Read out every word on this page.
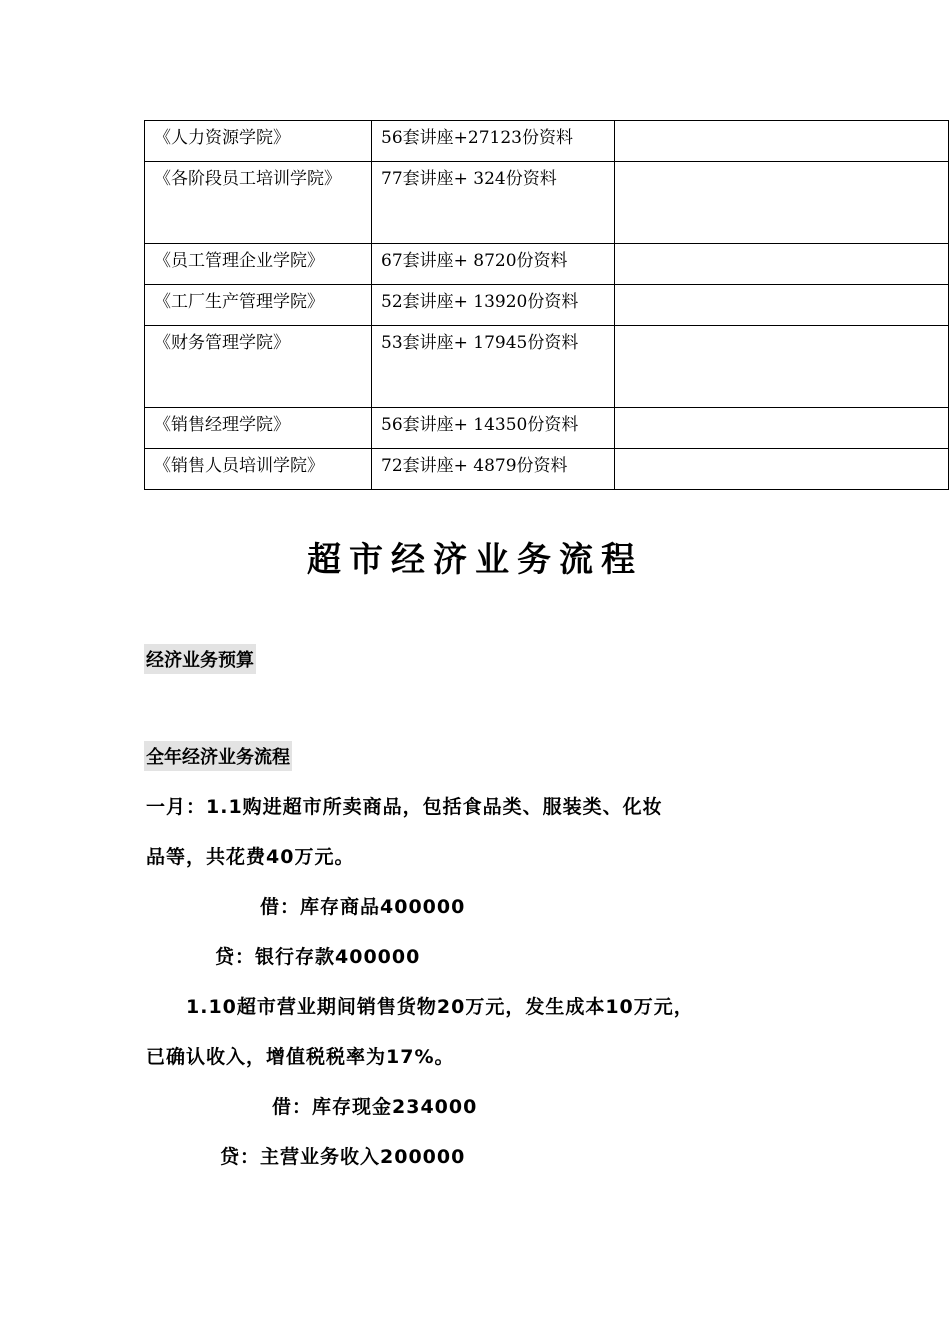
《人力资源学院》	56套讲座+27123份资料	

《各阶段员工培训学院》	77套讲座+ 324份资料	

《员工管理企业学院》	67套讲座+ 8720份资料	

《工厂生产管理学院》	52套讲座+ 13920份资料	

《财务管理学院》	53套讲座+ 17945份资料	

《销售经理学院》	56套讲座+ 14350份资料	

《销售人员培训学院》	72套讲座+ 4879份资料	

超市经济业务流程
经济业务预算
全年经济业务流程
一月：1.1购进超市所卖商品，包括食品类、服装类、化妆
品等，共花费40万元。
借：库存商品400000
贷：银行存款400000
1.10超市营业期间销售货物20万元，发生成本10万元，
已确认收入，增值税税率为17%。
借：库存现金234000
贷：主营业务收入200000
